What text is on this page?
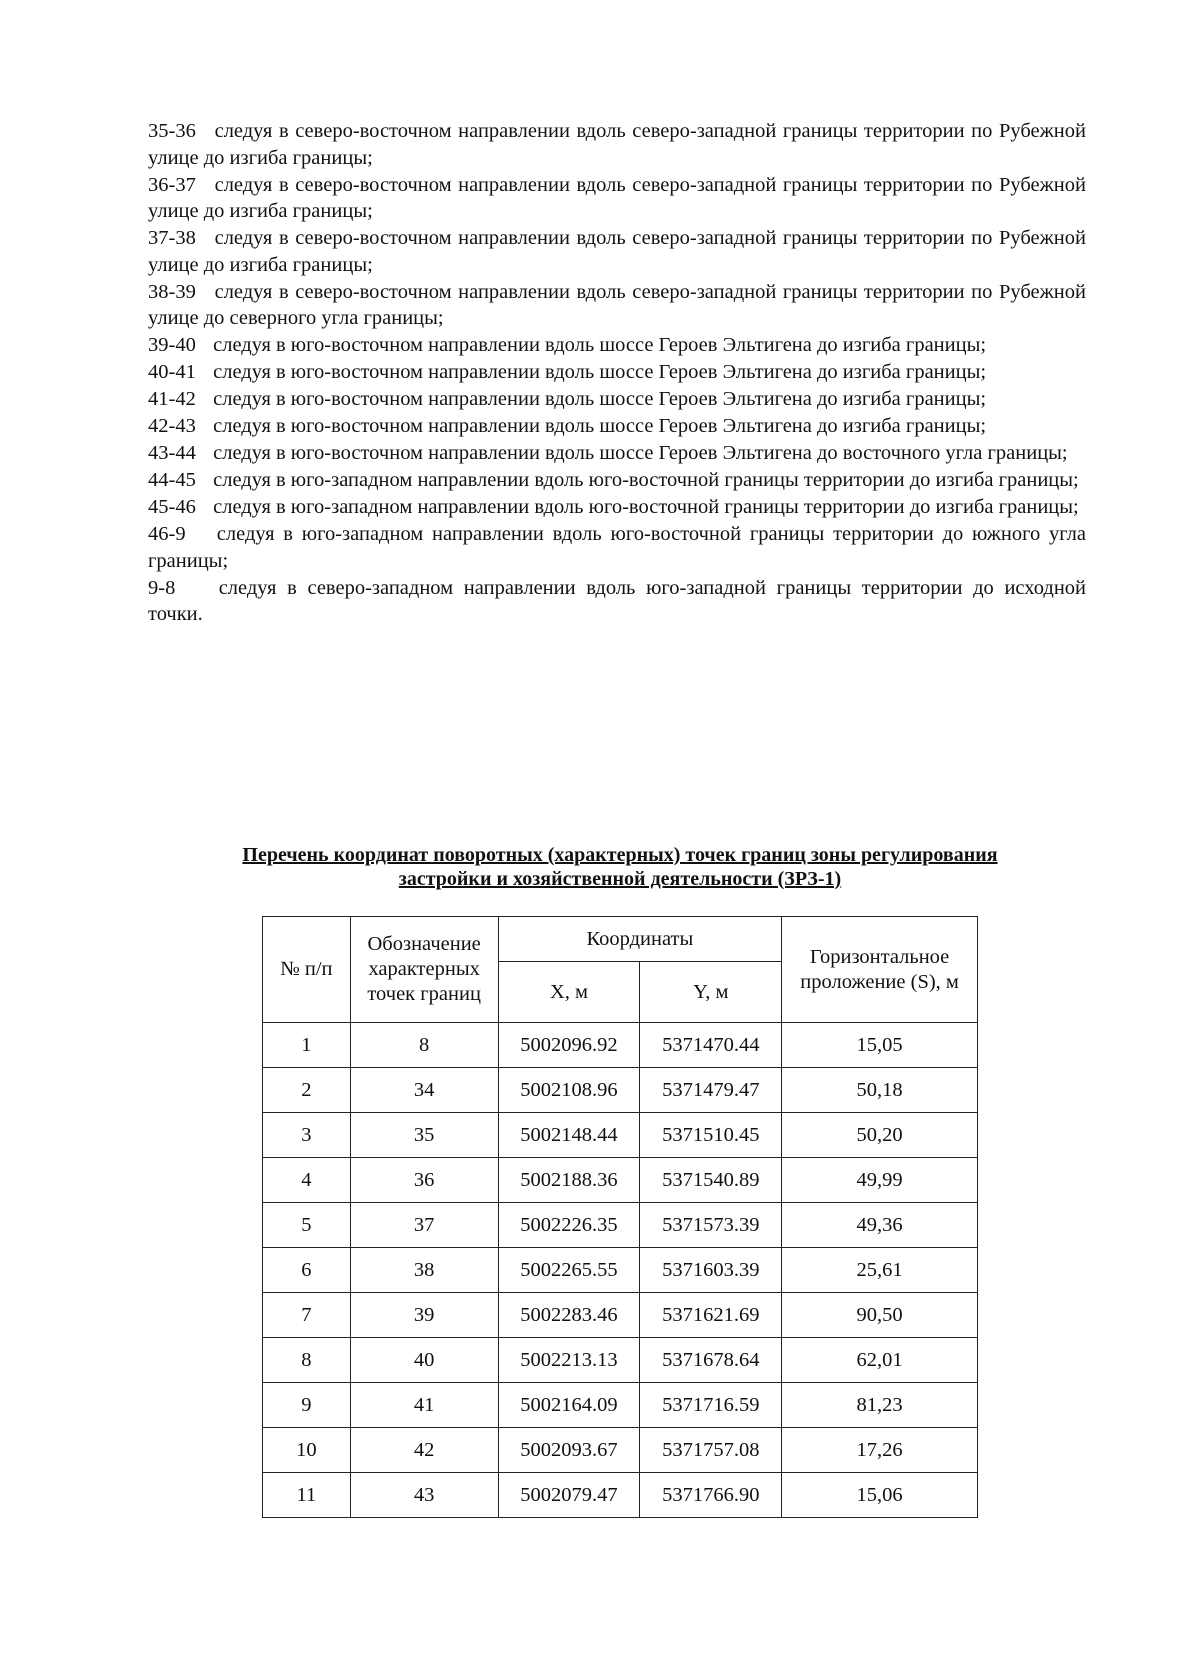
35-36 следуя в северо-восточном направлении вдоль северо-западной границы территории по Рубежной улице до изгиба границы;
36-37 следуя в северо-восточном направлении вдоль северо-западной границы территории по Рубежной улице до изгиба границы;
37-38 следуя в северо-восточном направлении вдоль северо-западной границы территории по Рубежной улице до изгиба границы;
38-39 следуя в северо-восточном направлении вдоль северо-западной границы территории по Рубежной улице до северного угла границы;
39-40 следуя в юго-восточном направлении вдоль шоссе Героев Эльтигена до изгиба границы;
40-41 следуя в юго-восточном направлении вдоль шоссе Героев Эльтигена до изгиба границы;
41-42 следуя в юго-восточном направлении вдоль шоссе Героев Эльтигена до изгиба границы;
42-43 следуя в юго-восточном направлении вдоль шоссе Героев Эльтигена до изгиба границы;
43-44 следуя в юго-восточном направлении вдоль шоссе Героев Эльтигена до восточного угла границы;
44-45 следуя в юго-западном направлении вдоль юго-восточной границы территории до изгиба границы;
45-46 следуя в юго-западном направлении вдоль юго-восточной границы территории до изгиба границы;
46-9 следуя в юго-западном направлении вдоль юго-восточной границы территории до южного угла границы;
9-8 следуя в северо-западном направлении вдоль юго-западной границы территории до исходной точки.
Перечень координат поворотных (характерных) точек границ зоны регулирования
застройки и хозяйственной деятельности (ЗРЗ-1)
№ п/п	Обозначение характерных точек границ	Координаты		Горизонтальное проложение (S), м
		X, м	Y, м	
1	8	5002096.92	5371470.44	15,05
2	34	5002108.96	5371479.47	50,18
3	35	5002148.44	5371510.45	50,20
4	36	5002188.36	5371540.89	49,99
5	37	5002226.35	5371573.39	49,36
6	38	5002265.55	5371603.39	25,61
7	39	5002283.46	5371621.69	90,50
8	40	5002213.13	5371678.64	62,01
9	41	5002164.09	5371716.59	81,23
10	42	5002093.67	5371757.08	17,26
11	43	5002079.47	5371766.90	15,06
